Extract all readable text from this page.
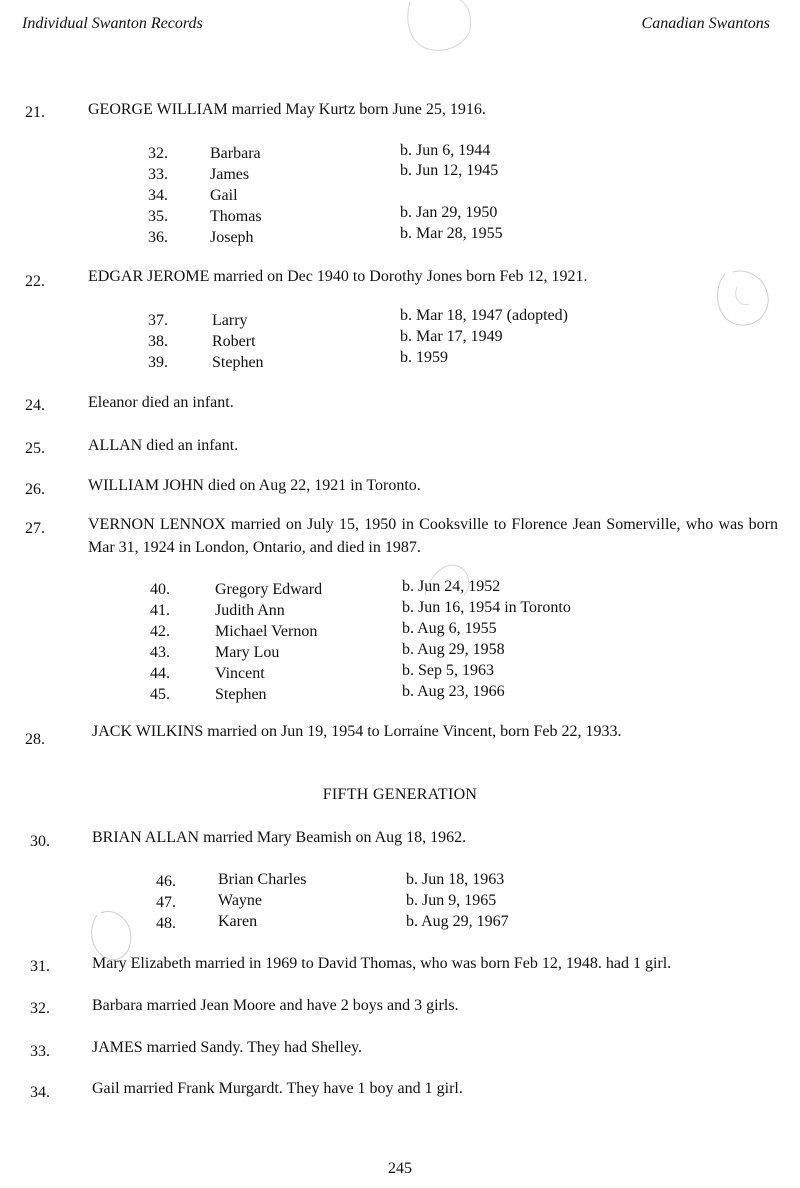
Individual Swanton Records	Canadian Swantons
21.	GEORGE WILLIAM married May Kurtz born June 25, 1916.
32.	Barbara	b. Jun 6, 1944
33.	James	b. Jun 12, 1945
34.	Gail
35.	Thomas	b. Jan 29, 1950
36.	Joseph	b. Mar 28, 1955
22.	EDGAR JEROME married on Dec 1940 to Dorothy Jones born Feb 12, 1921.
37.	Larry	b. Mar 18, 1947 (adopted)
38.	Robert	b. Mar 17, 1949
39.	Stephen	b. 1959
24.	Eleanor died an infant.
25.	ALLAN died an infant.
26.	WILLIAM JOHN died on Aug 22, 1921 in Toronto.
27.	VERNON LENNOX married on July 15, 1950 in Cooksville to Florence Jean Somerville, who was born Mar 31, 1924 in London, Ontario, and died in 1987.
40.	Gregory Edward	b. Jun 24, 1952
41.	Judith Ann	b. Jun 16, 1954 in Toronto
42.	Michael Vernon	b. Aug 6, 1955
43.	Mary Lou	b. Aug 29, 1958
44.	Vincent	b. Sep 5, 1963
45.	Stephen	b. Aug 23, 1966
28.	JACK WILKINS married on Jun 19, 1954 to Lorraine Vincent, born Feb 22, 1933.
FIFTH GENERATION
30.	BRIAN ALLAN married Mary Beamish on Aug 18, 1962.
46.	Brian Charles	b. Jun 18, 1963
47.	Wayne	b. Jun 9, 1965
48.	Karen	b. Aug 29, 1967
31.	Mary Elizabeth married in 1969 to David Thomas, who was born Feb 12, 1948. had 1 girl.
32.	Barbara married Jean Moore and have 2 boys and 3 girls.
33.	JAMES married Sandy. They had Shelley.
34.	Gail married Frank Murgardt. They have 1 boy and 1 girl.
245
